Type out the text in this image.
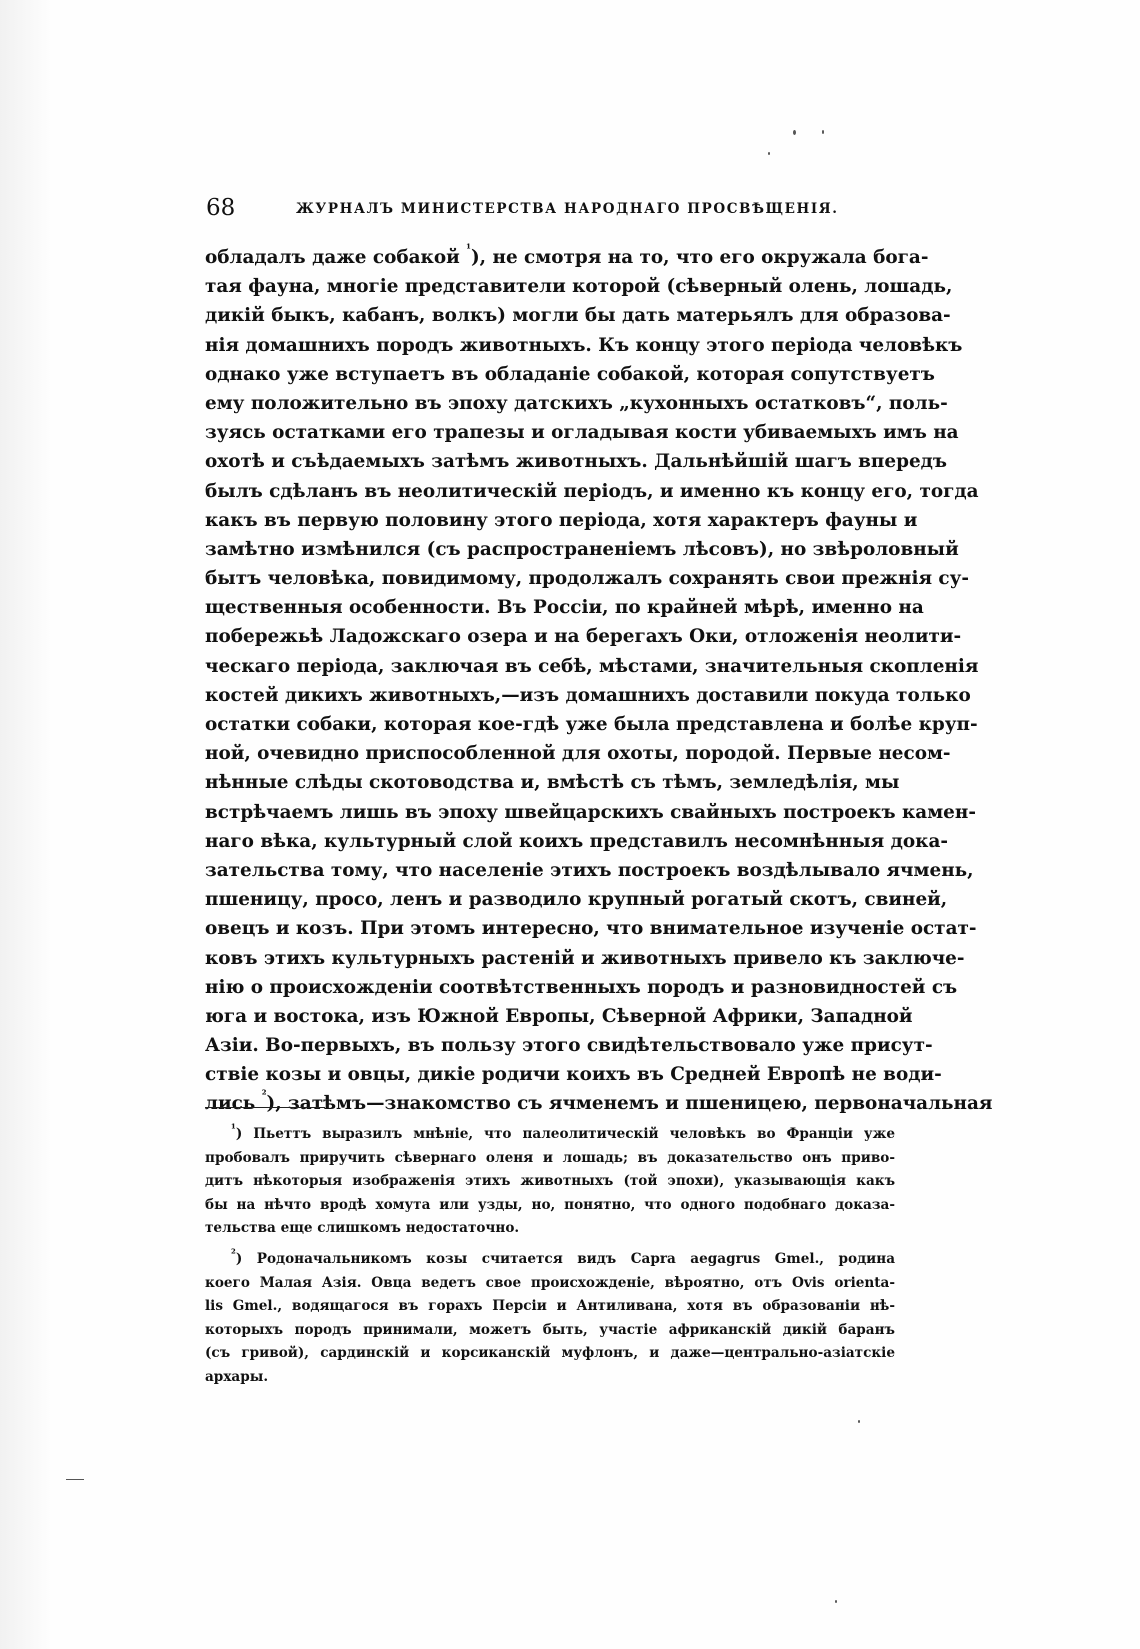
68	ЖУРНАЛЪ МИНИСТЕРСТВА НАРОДНАГО ПРОСВѢЩЕНІЯ.
обладалъ даже собакой $^{^1}$), не смотря на то, что его окружала бога-
тая фауна, многіе представители которой (сѣверный олень, лошадь,
дикій быкъ, кабанъ, волкъ) могли бы дать матерьялъ для образова-
нія домашнихъ породъ животныхъ. Къ концу этого періода человѣкъ
однако уже вступаетъ въ обладаніе собакой, которая сопутствуетъ
ему положительно въ эпоху датскихъ „кухонныхъ остатковъ“, поль-
зуясь остатками его трапезы и огладывая кости убиваемыхъ имъ на
охотѣ и съѣдаемыхъ затѣмъ животныхъ. Дальнѣйшій шагъ впередъ
былъ сдѣланъ въ неолитическій періодъ, и именно къ концу его, тогда
какъ въ первую половину этого періода, хотя характеръ фауны и
замѣтно измѣнился (съ распространеніемъ лѣсовъ), но звѣроловный
бытъ человѣка, повидимому, продолжалъ сохранять свои прежнія су-
щественныя особенности. Въ Россіи, по крайней мѣрѣ, именно на
побережьѣ Ладожскаго озера и на берегахъ Оки, отложенія неолити-
ческаго періода, заключая въ себѣ, мѣстами, значительныя скопленія
костей дикихъ животныхъ,—изъ домашнихъ доставили покуда только
остатки собаки, которая кое-гдѣ уже была представлена и болѣе круп-
ной, очевидно приспособленной для охоты, породой. Первые несом-
нѣнные слѣды скотоводства и, вмѣстѣ съ тѣмъ, земледѣлія, мы
встрѣчаемъ лишь въ эпоху швейцарскихъ свайныхъ построекъ камен-
наго вѣка, культурный слой коихъ представилъ несомнѣнныя дока-
зательства тому, что населеніе этихъ построекъ воздѣлывало ячмень,
пшеницу, просо, ленъ и разводило крупный рогатый скотъ, свиней,
овецъ и козъ. При этомъ интересно, что внимательное изученіе остат-
ковъ этихъ культурныхъ растеній и животныхъ привело къ заключе-
нію о происхожденіи соотвѣтственныхъ породъ и разновидностей съ
юга и востока, изъ Южной Европы, Сѣверной Африки, Западной
Азіи. Во-первыхъ, въ пользу этого свидѣтельствовало уже присут-
ствіе козы и овцы, дикіе родичи коихъ въ Средней Европѣ не води-
лись $^{^2}$), затѣмъ—знакомство съ ячменемъ и пшеницею, первоначальная
$^{^1}$) Пьеттъ выразилъ мнѣніе, что палеолитическій человѣкъ во Франціи уже
пробовалъ приручить сѣвернаго оленя и лошадь; въ доказательство онъ приво-
дитъ нѣкоторыя изображенія этихъ животныхъ (той эпохи), указывающія какъ
бы на нѣчто вродѣ хомута или узды, но, понятно, что одного подобнаго доказа-
тельства еще слишкомъ недостаточно.
$^{^2}$) Родоначальникомъ козы считается видъ Capra aegagrus Gmel., родина
коего Малая Азія. Овца ведетъ свое происхожденіе, вѣроятно, отъ Ovis orienta-
lis Gmel., водящагося въ горахъ Персіи и Антиливана, хотя въ образованіи нѣ-
которыхъ породъ принимали, можетъ быть, участіе африканскій дикій баранъ
(съ гривой), сардинскій и корсиканскій муфлонъ, и даже—центрально-азіатскіе
архары.
